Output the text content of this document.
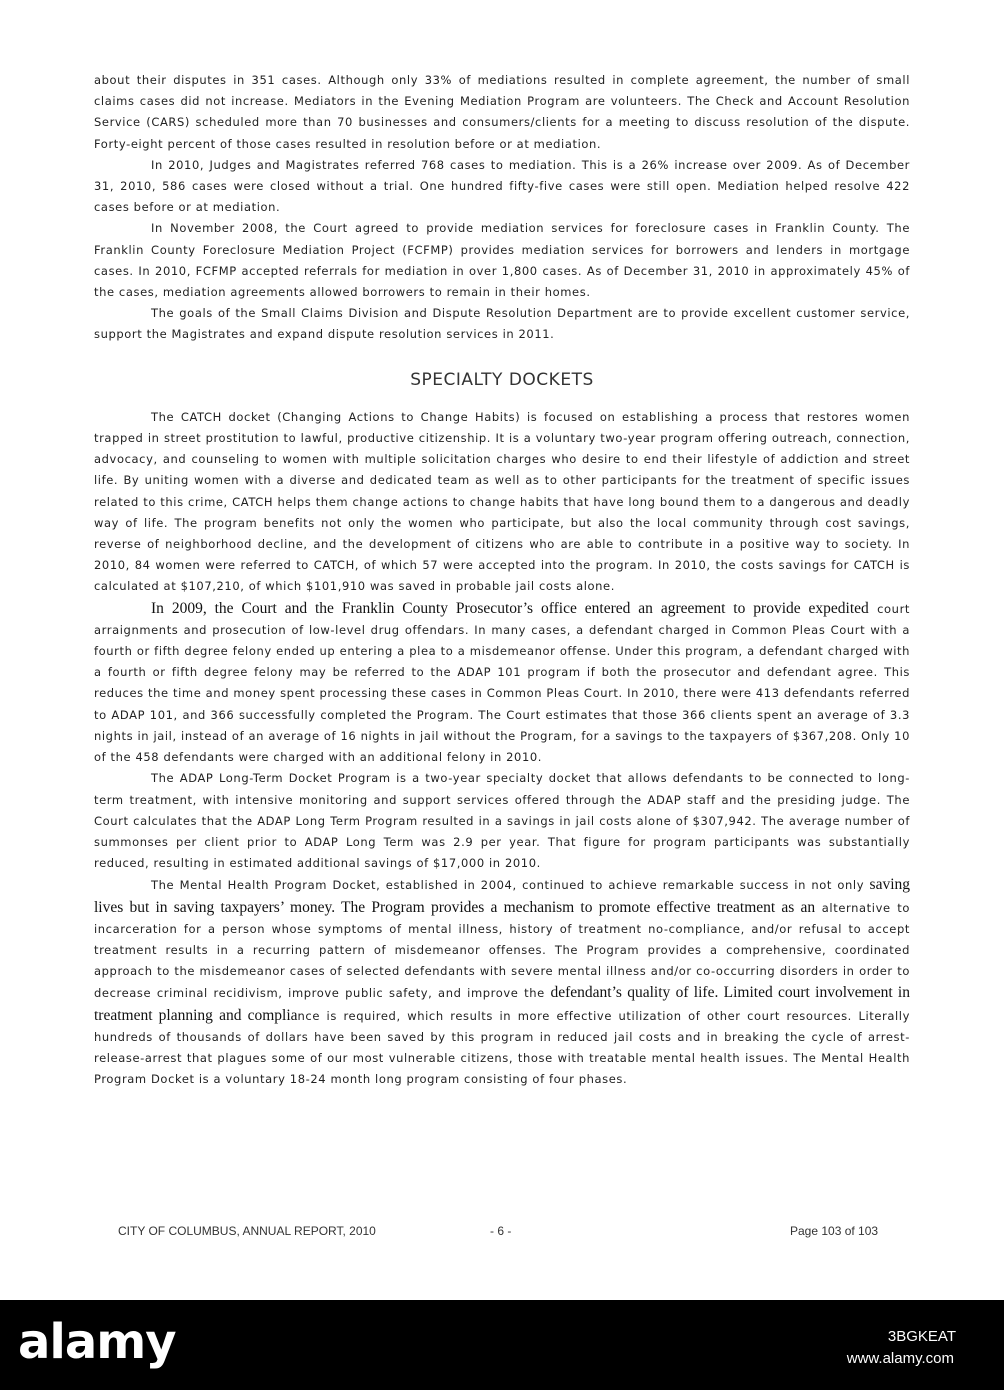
about their disputes in 351 cases. Although only 33% of mediations resulted in complete agreement, the number of small claims cases did not increase. Mediators in the Evening Mediation Program are volunteers. The Check and Account Resolution Service (CARS) scheduled more than 70 businesses and consumers/clients for a meeting to discuss resolution of the dispute. Forty-eight percent of those cases resulted in resolution before or at mediation.

In 2010, Judges and Magistrates referred 768 cases to mediation. This is a 26% increase over 2009. As of December 31, 2010, 586 cases were closed without a trial. One hundred fifty-five cases were still open. Mediation helped resolve 422 cases before or at mediation.

In November 2008, the Court agreed to provide mediation services for foreclosure cases in Franklin County. The Franklin County Foreclosure Mediation Project (FCFMP) provides mediation services for borrowers and lenders in mortgage cases. In 2010, FCFMP accepted referrals for mediation in over 1,800 cases. As of December 31, 2010 in approximately 45% of the cases, mediation agreements allowed borrowers to remain in their homes.

The goals of the Small Claims Division and Dispute Resolution Department are to provide excellent customer service, support the Magistrates and expand dispute resolution services in 2011.

SPECIALTY DOCKETS

The CATCH docket (Changing Actions to Change Habits) is focused on establishing a process that restores women trapped in street prostitution to lawful, productive citizenship. It is a voluntary two-year program offering outreach, connection, advocacy, and counseling to women with multiple solicitation charges who desire to end their lifestyle of addiction and street life. By uniting women with a diverse and dedicated team as well as to other participants for the treatment of specific issues related to this crime, CATCH helps them change actions to change habits that have long bound them to a dangerous and deadly way of life. The program benefits not only the women who participate, but also the local community through cost savings, reverse of neighborhood decline, and the development of citizens who are able to contribute in a positive way to society. In 2010, 84 women were referred to CATCH, of which 57 were accepted into the program. In 2010, the costs savings for CATCH is calculated at $107,210, of which $101,910 was saved in probable jail costs alone.

In 2009, the Court and the Franklin County Prosecutor’s office entered an agreement to provide expedited court arraignments and prosecution of low-level drug offendars. In many cases, a defendant charged in Common Pleas Court with a fourth or fifth degree felony ended up entering a plea to a misdemeanor offense. Under this program, a defendant charged with a fourth or fifth degree felony may be referred to the ADAP 101 program if both the prosecutor and defendant agree. This reduces the time and money spent processing these cases in Common Pleas Court. In 2010, there were 413 defendants referred to ADAP 101, and 366 successfully completed the Program. The Court estimates that those 366 clients spent an average of 3.3 nights in jail, instead of an average of 16 nights in jail without the Program, for a savings to the taxpayers of $367,208. Only 10 of the 458 defendants were charged with an additional felony in 2010.

The ADAP Long-Term Docket Program is a two-year specialty docket that allows defendants to be connected to long-term treatment, with intensive monitoring and support services offered through the ADAP staff and the presiding judge. The Court calculates that the ADAP Long Term Program resulted in a savings in jail costs alone of $307,942. The average number of summonses per client prior to ADAP Long Term was 2.9 per year. That figure for program participants was substantially reduced, resulting in estimated additional savings of $17,000 in 2010.

The Mental Health Program Docket, established in 2004, continued to achieve remarkable success in not only saving lives but in saving taxpayers’ money. The Program provides a mechanism to promote effective treatment as an alternative to incarceration for a person whose symptoms of mental illness, history of treatment no-compliance, and/or refusal to accept treatment results in a recurring pattern of misdemeanor offenses. The Program provides a comprehensive, coordinated approach to the misdemeanor cases of selected defendants with severe mental illness and/or co-occurring disorders in order to decrease criminal recidivism, improve public safety, and improve the defendant’s quality of life. Limited court involvement in treatment planning and compliance is required, which results in more effective utilization of other court resources. Literally hundreds of thousands of dollars have been saved by this program in reduced jail costs and in breaking the cycle of arrest-release-arrest that plagues some of our most vulnerable citizens, those with treatable mental health issues. The Mental Health Program Docket is a voluntary 18-24 month long program consisting of four phases.

CITY OF COLUMBUS, ANNUAL REPORT, 2010	- 6 -	Page 103 of 103
alamy	3BGKEAT
www.alamy.com
